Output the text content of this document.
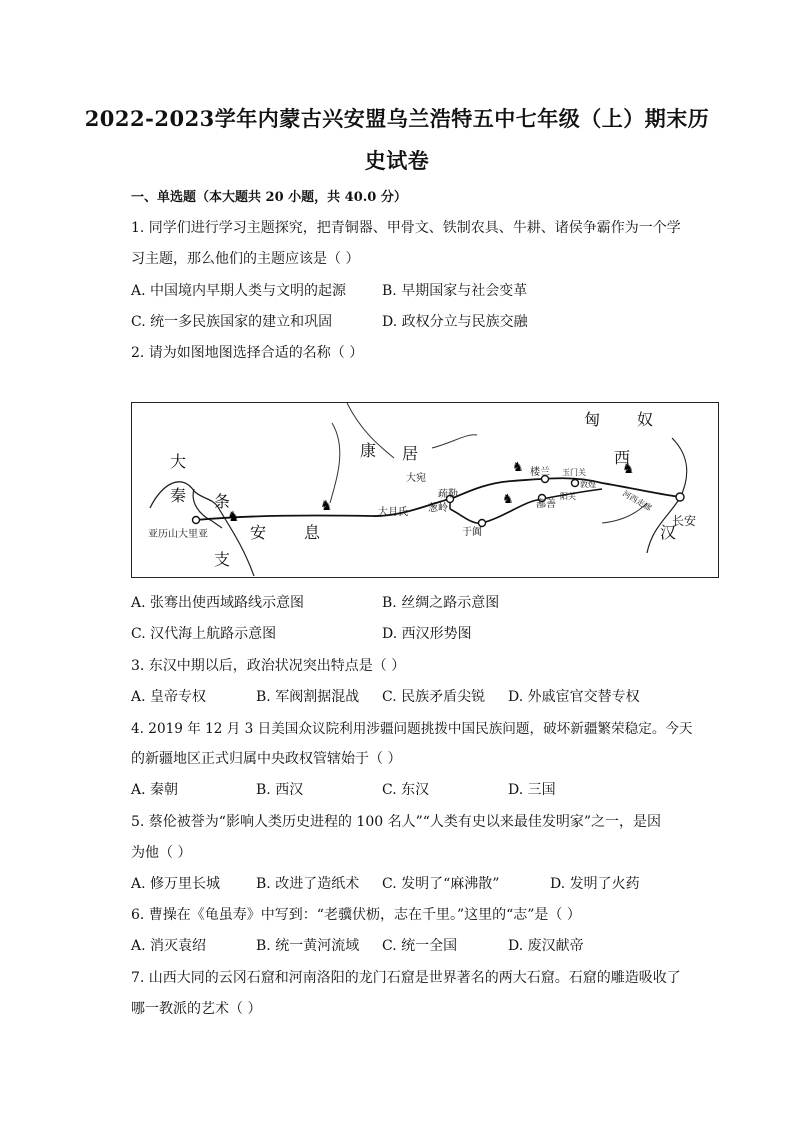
2022-2023学年内蒙古兴安盟乌兰浩特五中七年级（上）期末历
史试卷
一、单选题（本大题共 20 小题，共 40.0 分）
1. 同学们进行学习主题探究，把青铜器、甲骨文、铁制农具、牛耕、诸侯争霸作为一个学
习主题，那么他们的主题应该是（ ）
A. 中国境内早期人类与文明的起源	B. 早期国家与社会变革
C. 统一多民族国家的建立和巩固	D. 政权分立与民族交融
2. 请为如图地图选择合适的名称（ ）
♞
♞	♞
♞	♞
大
秦 条
支
安 息
康 居
匈 奴
西
汉
亚历山大里亚
大宛
疏勒
大月氏 葱岭
于阗
楼兰 玉门关
敦煌
阳关
鄯善	河西走廊
长安
A. 张骞出使西域路线示意图	B. 丝绸之路示意图
C. 汉代海上航路示意图	D. 西汉形势图
3. 东汉中期以后，政治状况突出特点是（ ）
A. 皇帝专权	B. 军阀割据混战 C. 民族矛盾尖锐 D. 外戚宦官交替专权
4. 2019 年 12 月 3 日美国众议院利用涉疆问题挑拨中国民族问题，破坏新疆繁荣稳定。今天
的新疆地区正式归属中央政权管辖始于（ ）
A. 秦朝	B. 西汉	C. 东汉	D. 三国
5. 蔡伦被誉为“影响人类历史进程的 100 名人”“人类有史以来最佳发明家”之一，是因
为他（ ）
A. 修万里长城	B. 改进了造纸术 C. 发明了“麻沸散”	D. 发明了火药
6. 曹操在《龟虽寿》中写到：“老骥伏枥，志在千里。”这里的“志”是（ ）
A. 消灭袁绍	B. 统一黄河流域 C. 统一全国	D. 废汉献帝
7. 山西大同的云冈石窟和河南洛阳的龙门石窟是世界著名的两大石窟。石窟的雕造吸收了
哪一教派的艺术（ ）
